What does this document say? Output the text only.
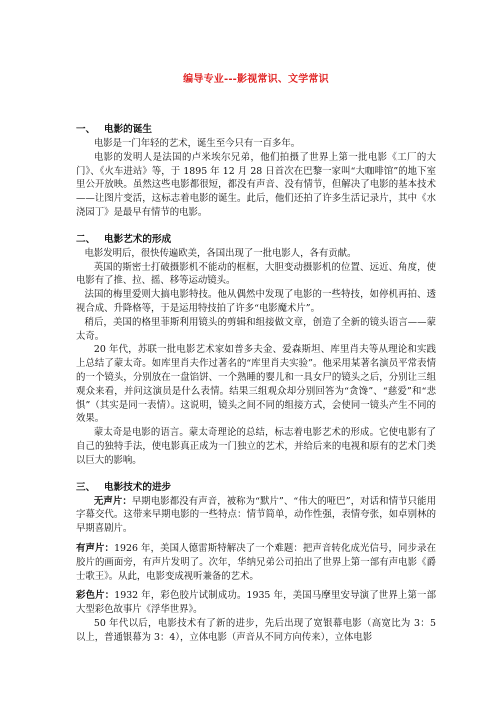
编导专业---影视常识、文学常识
一、 电影的诞生

电影是一门年轻的艺术，诞生至今只有一百多年。

电影的发明人是法国的卢米埃尔兄弟，他们拍摄了世界上第一批电影《工厂的大门》、《火车进站》等，于 1895 年 12 月 28 日首次在巴黎一家叫“大咖啡馆”的地下室里公开放映。虽然这些电影都很短，都没有声音、没有情节，但解决了电影的基本技术——让图片变活，这标志着电影的诞生。此后，他们还拍了许多生活记录片，其中《水浇园丁》是最早有情节的电影。

二、 电影艺术的形成

电影发明后，很快传遍欧美，各国出现了一批电影人，各有贡献。

英国的斯密士打破摄影机不能动的框框，大胆变动摄影机的位置、远近、角度，使电影有了推、拉、摇、移等运动镜头。

法国的梅里爱则大搞电影特技。他从偶然中发现了电影的一些特技，如停机再拍、透视合成、升降格等，于是运用特技拍了许多“电影魔术片”。

稍后，美国的格里菲斯利用镜头的剪辑和组接做文章，创造了全新的镜头语言——蒙太奇。

20 年代，苏联一批电影艺术家如普多夫金、爱森斯坦、库里肖夫等从理论和实践上总结了蒙太奇。如库里肖夫作过著名的“库里肖夫实验”。他采用某著名演员平常表情的一个镜头，分别放在一盘馅饼、一个熟睡的婴儿和一具女尸的镜头之后，分别让三组观众来看，并问这演员是什么表情。结果三组观众却分别回答为“贪馋”、“慈爱”和“悲惧”（其实是同一表情）。这说明，镜头之间不同的组接方式，会使同一镜头产生不同的效果。

蒙太奇是电影的语言。蒙太奇理论的总结，标志着电影艺术的形成。它使电影有了自己的独特手法，使电影真正成为一门独立的艺术，并给后来的电视和原有的艺术门类以巨大的影响。

三、 电影技术的进步

无声片：早期电影都没有声音，被称为“默片”、“伟大的哑巴”，对话和情节只能用字幕交代。这带来早期电影的一些特点：情节简单，动作性强，表情夸张，如卓别林的早期喜剧片。

有声片：1926 年，美国人德雷斯特解决了一个难题：把声音转化成光信号，同步录在胶片的画面旁，有声片发明了。次年，华纳兄弟公司拍出了世界上第一部有声电影《爵士歌王》。从此，电影变成视听兼备的艺术。

彩色片：1932 年，彩色胶片试制成功。1935 年，美国马摩里安导演了世界上第一部大型彩色故事片《浮华世界》。

50 年代以后，电影技术有了新的进步，先后出现了宽银幕电影（高宽比为 3：5 以上，普通银幕为 3：4），立体电影（声音从不同方向传来），立体电影
